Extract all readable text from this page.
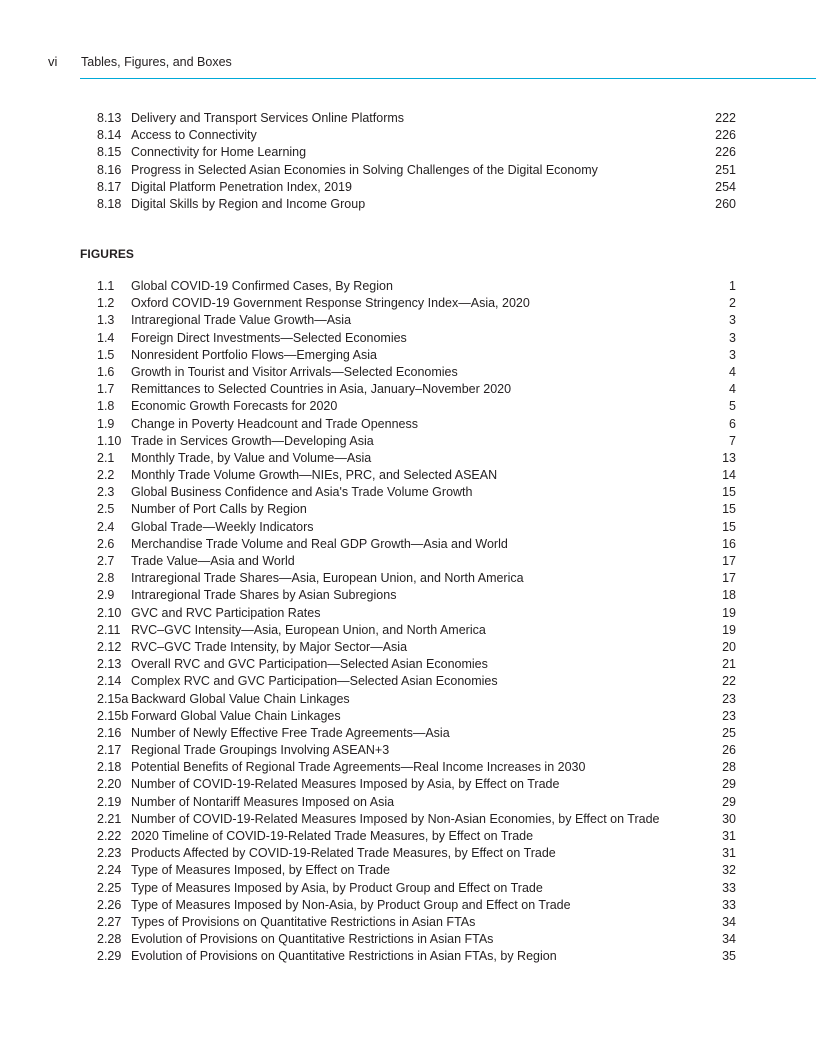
vi Tables, Figures, and Boxes
8.13 Delivery and Transport Services Online Platforms	222
8.14 Access to Connectivity	226
8.15 Connectivity for Home Learning	226
8.16 Progress in Selected Asian Economies in Solving Challenges of the Digital Economy	251
8.17 Digital Platform Penetration Index, 2019	254
8.18 Digital Skills by Region and Income Group	260
FIGURES
1.1 Global COVID-19 Confirmed Cases, By Region	1
1.2 Oxford COVID-19 Government Response Stringency Index—Asia, 2020	2
1.3 Intraregional Trade Value Growth—Asia	3
1.4 Foreign Direct Investments—Selected Economies	3
1.5 Nonresident Portfolio Flows—Emerging Asia	3
1.6 Growth in Tourist and Visitor Arrivals—Selected Economies	4
1.7 Remittances to Selected Countries in Asia, January–November 2020	4
1.8 Economic Growth Forecasts for 2020	5
1.9 Change in Poverty Headcount and Trade Openness	6
1.10 Trade in Services Growth—Developing Asia	7
2.1 Monthly Trade, by Value and Volume—Asia	13
2.2 Monthly Trade Volume Growth—NIEs, PRC, and Selected ASEAN	14
2.3 Global Business Confidence and Asia's Trade Volume Growth	15
2.5 Number of Port Calls by Region	15
2.4 Global Trade—Weekly Indicators	15
2.6 Merchandise Trade Volume and Real GDP Growth—Asia and World	16
2.7 Trade Value—Asia and World	17
2.8 Intraregional Trade Shares—Asia, European Union, and North America	17
2.9 Intraregional Trade Shares by Asian Subregions	18
2.10 GVC and RVC Participation Rates	19
2.11 RVC–GVC Intensity—Asia, European Union, and North America	19
2.12 RVC–GVC Trade Intensity, by Major Sector—Asia	20
2.13 Overall RVC and GVC Participation—Selected Asian Economies	21
2.14 Complex RVC and GVC Participation—Selected Asian Economies	22
2.15a Backward Global Value Chain Linkages	23
2.15b Forward Global Value Chain Linkages	23
2.16 Number of Newly Effective Free Trade Agreements—Asia	25
2.17 Regional Trade Groupings Involving ASEAN+3	26
2.18 Potential Benefits of Regional Trade Agreements—Real Income Increases in 2030	28
2.20 Number of COVID-19-Related Measures Imposed by Asia, by Effect on Trade	29
2.19 Number of Nontariff Measures Imposed on Asia	29
2.21 Number of COVID-19-Related Measures Imposed by Non-Asian Economies, by Effect on Trade	30
2.22 2020 Timeline of COVID-19-Related Trade Measures, by Effect on Trade	31
2.23 Products Affected by COVID-19-Related Trade Measures, by Effect on Trade	31
2.24 Type of Measures Imposed, by Effect on Trade	32
2.25 Type of Measures Imposed by Asia, by Product Group and Effect on Trade	33
2.26 Type of Measures Imposed by Non-Asia, by Product Group and Effect on Trade	33
2.27 Types of Provisions on Quantitative Restrictions in Asian FTAs	34
2.28 Evolution of Provisions on Quantitative Restrictions in Asian FTAs	34
2.29 Evolution of Provisions on Quantitative Restrictions in Asian FTAs, by Region	35
